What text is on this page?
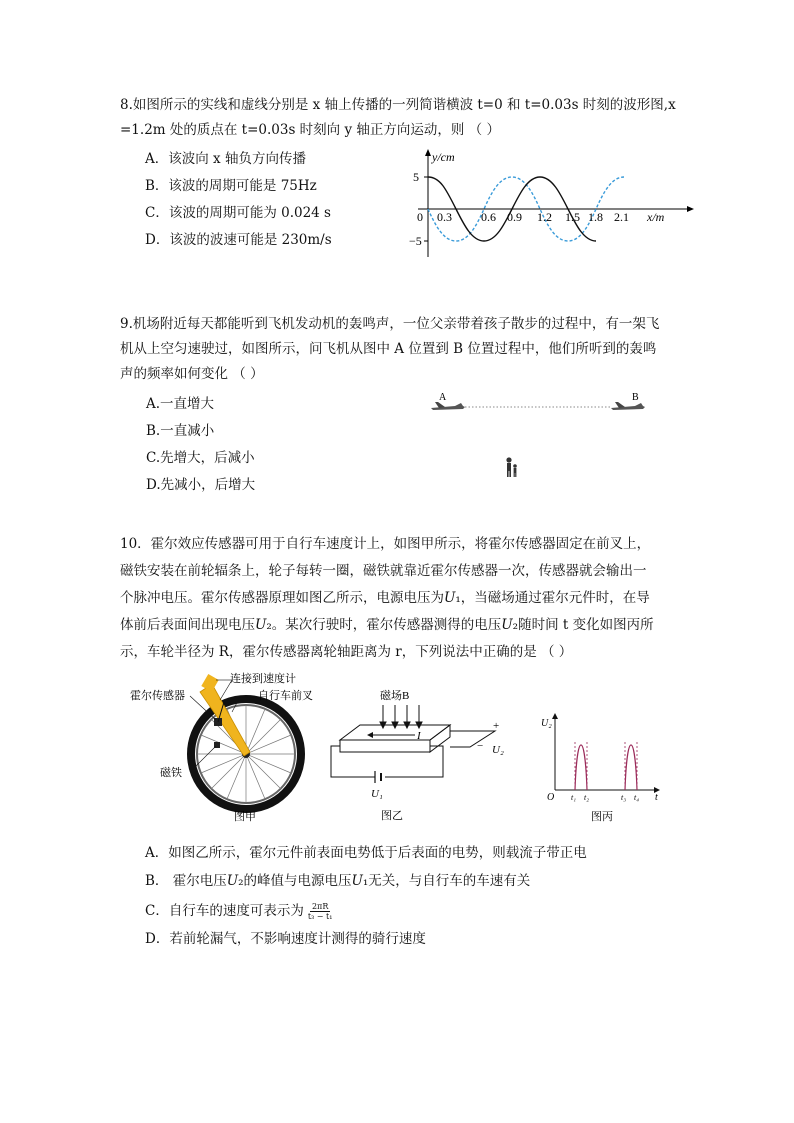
8.如图所示的实线和虚线分别是 x 轴上传播的一列简谐横波 t=0 和 t=0.03s 时刻的波形图,x
=1.2m 处的质点在 t=0.03s 时刻向 y 轴正方向运动，则 （ ）
A．该波向 x 轴负方向传播
B．该波的周期可能是 75Hz
C．该波的周期可能为 0.024 s
D．该波的波速可能是 230m/s
y/cm
5
−5
0 0.3 0.6 0.9 1.2 1.5 1.8 2.1 x/m
9.机场附近每天都能听到飞机发动机的轰鸣声，一位父亲带着孩子散步的过程中，有一架飞
机从上空匀速驶过，如图所示，问飞机从图中 A 位置到 B 位置过程中，他们所听到的轰鸣
声的频率如何变化 （ ）
A.一直增大
B.一直减小
C.先增大，后减小
D.先减小，后增大
A	B
10．霍尔效应传感器可用于自行车速度计上，如图甲所示，将霍尔传感器固定在前叉上，
磁铁安装在前轮辐条上，轮子每转一圈，磁铁就靠近霍尔传感器一次，传感器就会输出一
个脉冲电压。霍尔传感器原理如图乙所示，电源电压为𝑈₁，当磁场通过霍尔元件时，在导
体前后表面间出现电压𝑈₂。某次行驶时，霍尔传感器测得的电压𝑈₂随时间 t 变化如图丙所
示，车轮半径为 R，霍尔传感器离轮轴距离为 r，下列说法中正确的是 （ ）
连接到速度计
自行车前叉
霍尔传感器
磁铁
图甲
磁场B
I
+
− U₂
U₁
图乙
U₂
t
O t₁ t₂	t₃ t₄
图丙
A．如图乙所示，霍尔元件前表面电势低于后表面的电势，则载流子带正电
B． 霍尔电压𝑈₂的峰值与电源电压𝑈₁无关，与自行车的车速有关
C．自行车的速度可表示为 $\frac{2\pi R}{\text{t₃ − t₁}}$
D．若前轮漏气，不影响速度计测得的骑行速度
